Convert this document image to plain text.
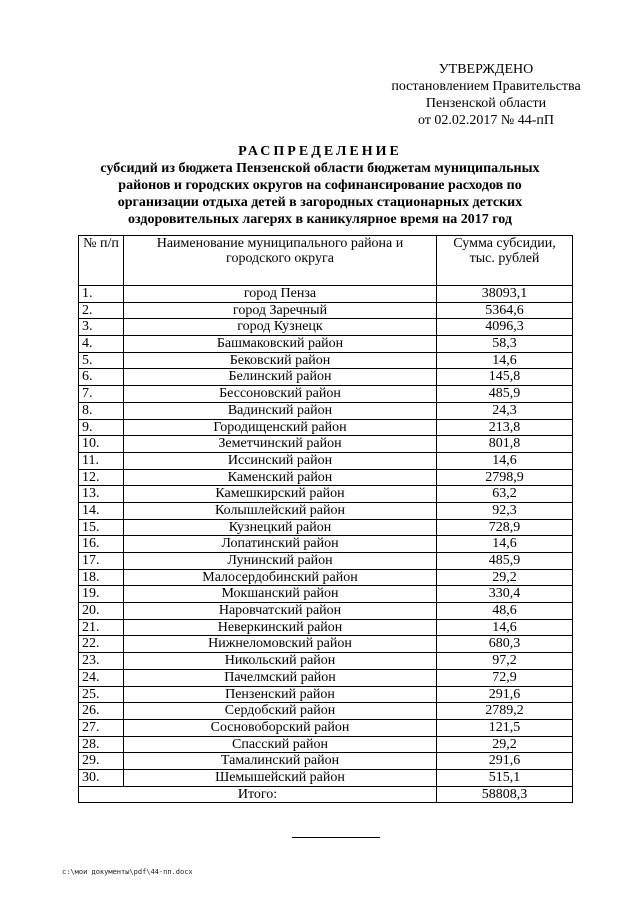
УТВЕРЖДЕНО
постановлением Правительства
Пензенской области
от 02.02.2017 № 44-пП
РАСПРЕДЕЛЕНИЕ
субсидий из бюджета Пензенской области бюджетам муниципальных
районов и городских округов на софинансирование расходов по
организации отдыха детей в загородных стационарных детских
оздоровительных лагерях в каникулярное время на 2017 год
№ п/п	Наименование муниципального района и городского округа	Сумма субсидии, тыс. рублей
1.	город Пенза	38093,1
2.	город Заречный	5364,6
3.	город Кузнецк	4096,3
4.	Башмаковский район	58,3
5.	Бековский район	14,6
6.	Белинский район	145,8
7.	Бессоновский район	485,9
8.	Вадинский район	24,3
9.	Городищенский район	213,8
10.	Земетчинский район	801,8
11.	Иссинский район	14,6
12.	Каменский район	2798,9
13.	Камешкирский район	63,2
14.	Колышлейский район	92,3
15.	Кузнецкий район	728,9
16.	Лопатинский район	14,6
17.	Лунинский район	485,9
18.	Малосердобинский район	29,2
19.	Мокшанский район	330,4
20.	Наровчатский район	48,6
21.	Неверкинский район	14,6
22.	Нижнеломовский район	680,3
23.	Никольский район	97,2
24.	Пачелмский район	72,9
25.	Пензенский район	291,6
26.	Сердобский район	2789,2
27.	Сосновоборский район	121,5
28.	Спасский район	29,2
29.	Тамалинский район	291,6
30.	Шемышейский район	515,1
Итого:		58808,3
c:\мои документы\pdf\44-пп.docx
